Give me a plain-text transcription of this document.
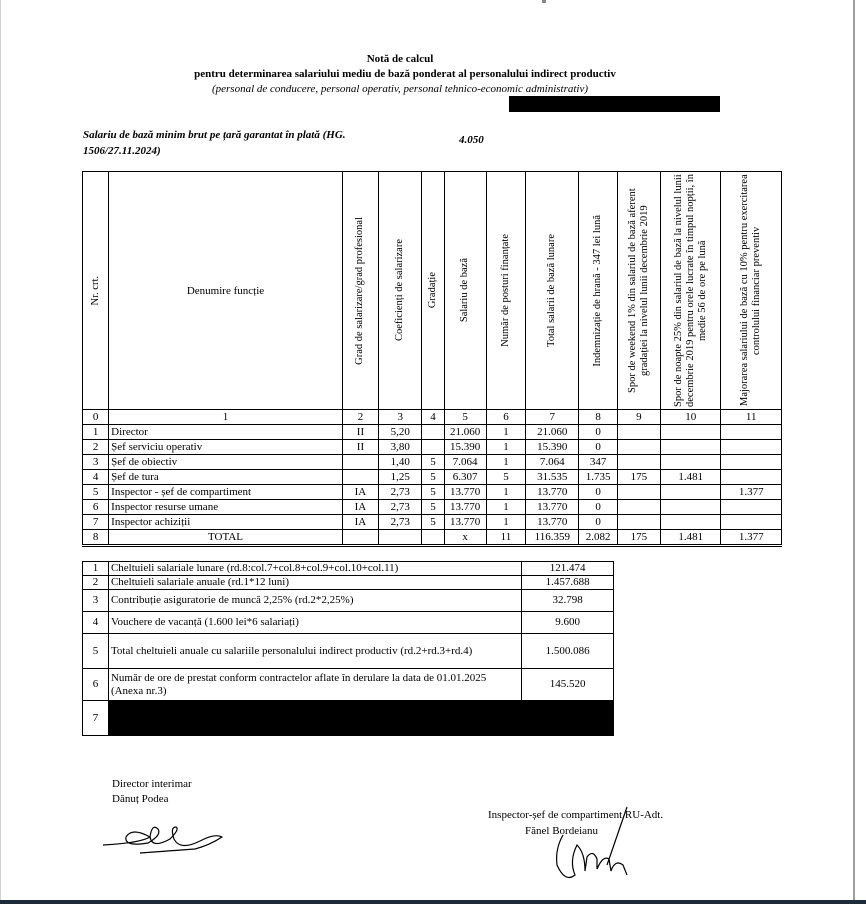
Notă de calcul
pentru determinarea salariului mediu de bază ponderat al personalului indirect productiv
(personal de conducere, personal operativ, personal tehnico-economic administrativ)
Salariu de bază minim brut pe țară garantat în plată (HG. 1506/27.11.2024)
4.050
Nr. crt.	Denumire funcție	Grad de salarizare/grad profesional	Coeficienți de salarizare	Gradație	Salariu de bază	Număr de posturi finanțate	Total salarii de bază lunare	Indemnizație de hrană - 347 lei lună	Spor de weekend 1% din salariul de bază aferent gradației la nivelul lunii decembrie 2019	Spor de noapte 25% din salariul de bază la nivelul lunii decembrie 2019 pentru orele lucrate în timpul nopții, în medie 56 de ore pe lună	Majorarea salariului de bază cu 10% pentru exercitarea controlului financiar preventiv

0	1	2	3	4	5	6	7	8	9	10	11
1	Director	II	5,20		21.060	1	21.060	0			
2	Șef serviciu operativ	II	3,80		15.390	1	15.390	0			
3	Șef de obiectiv		1,40	5	7.064	1	7.064	347			
4	Șef de tura		1,25	5	6.307	5	31.535	1.735	175	1.481	
5	Inspector - șef de compartiment	IA	2,73	5	13.770	1	13.770	0			1.377
6	Inspector resurse umane	IA	2,73	5	13.770	1	13.770	0			
7	Inspector achiziții	IA	2,73	5	13.770	1	13.770	0			
8	TOTAL				x	11	116.359	2.082	175	1.481	1.377
1	Cheltuieli salariale lunare (rd.8:col.7+col.8+col.9+col.10+col.11)	121.474
2	Cheltuieli salariale anuale (rd.1*12 luni)	1.457.688
3	Contribuție asiguratorie de muncă 2,25% (rd.2*2,25%)	32.798
4	Vouchere de vacanță (1.600 lei*6 salariați)	9.600
5	Total cheltuieli anuale cu salariile personalului indirect productiv (rd.2+rd.3+rd.4)	1.500.086
6	Număr de ore de prestat conform contractelor aflate în derulare la data de 01.01.2025 (Anexa nr.3)	145.520
7		
Director interimar
Dănuț Podea
Inspector-șef de compartiment RU-Adt.
Fănel Bordeianu
